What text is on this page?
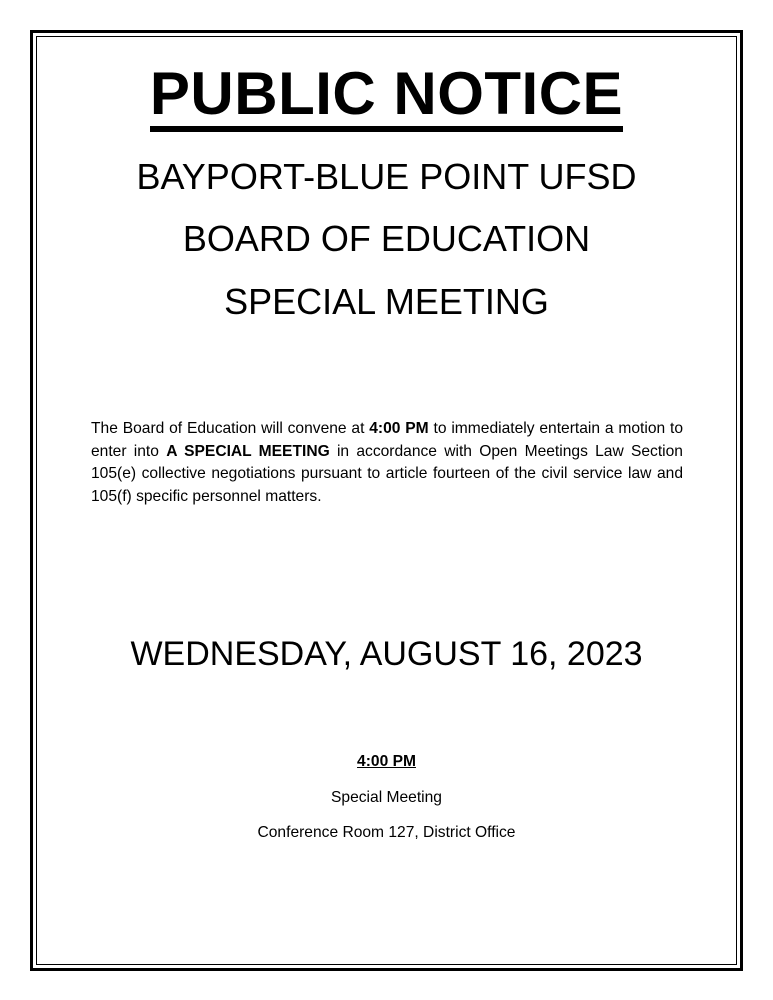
PUBLIC NOTICE
BAYPORT-BLUE POINT UFSD
BOARD OF EDUCATION
SPECIAL MEETING

The Board of Education will convene at 4:00 PM to immediately entertain a motion to enter into A SPECIAL MEETING in accordance with Open Meetings Law Section 105(e) collective negotiations pursuant to article fourteen of the civil service law and 105(f) specific personnel matters.

WEDNESDAY, AUGUST 16, 2023
4:00 PM
Special Meeting
Conference Room 127, District Office
